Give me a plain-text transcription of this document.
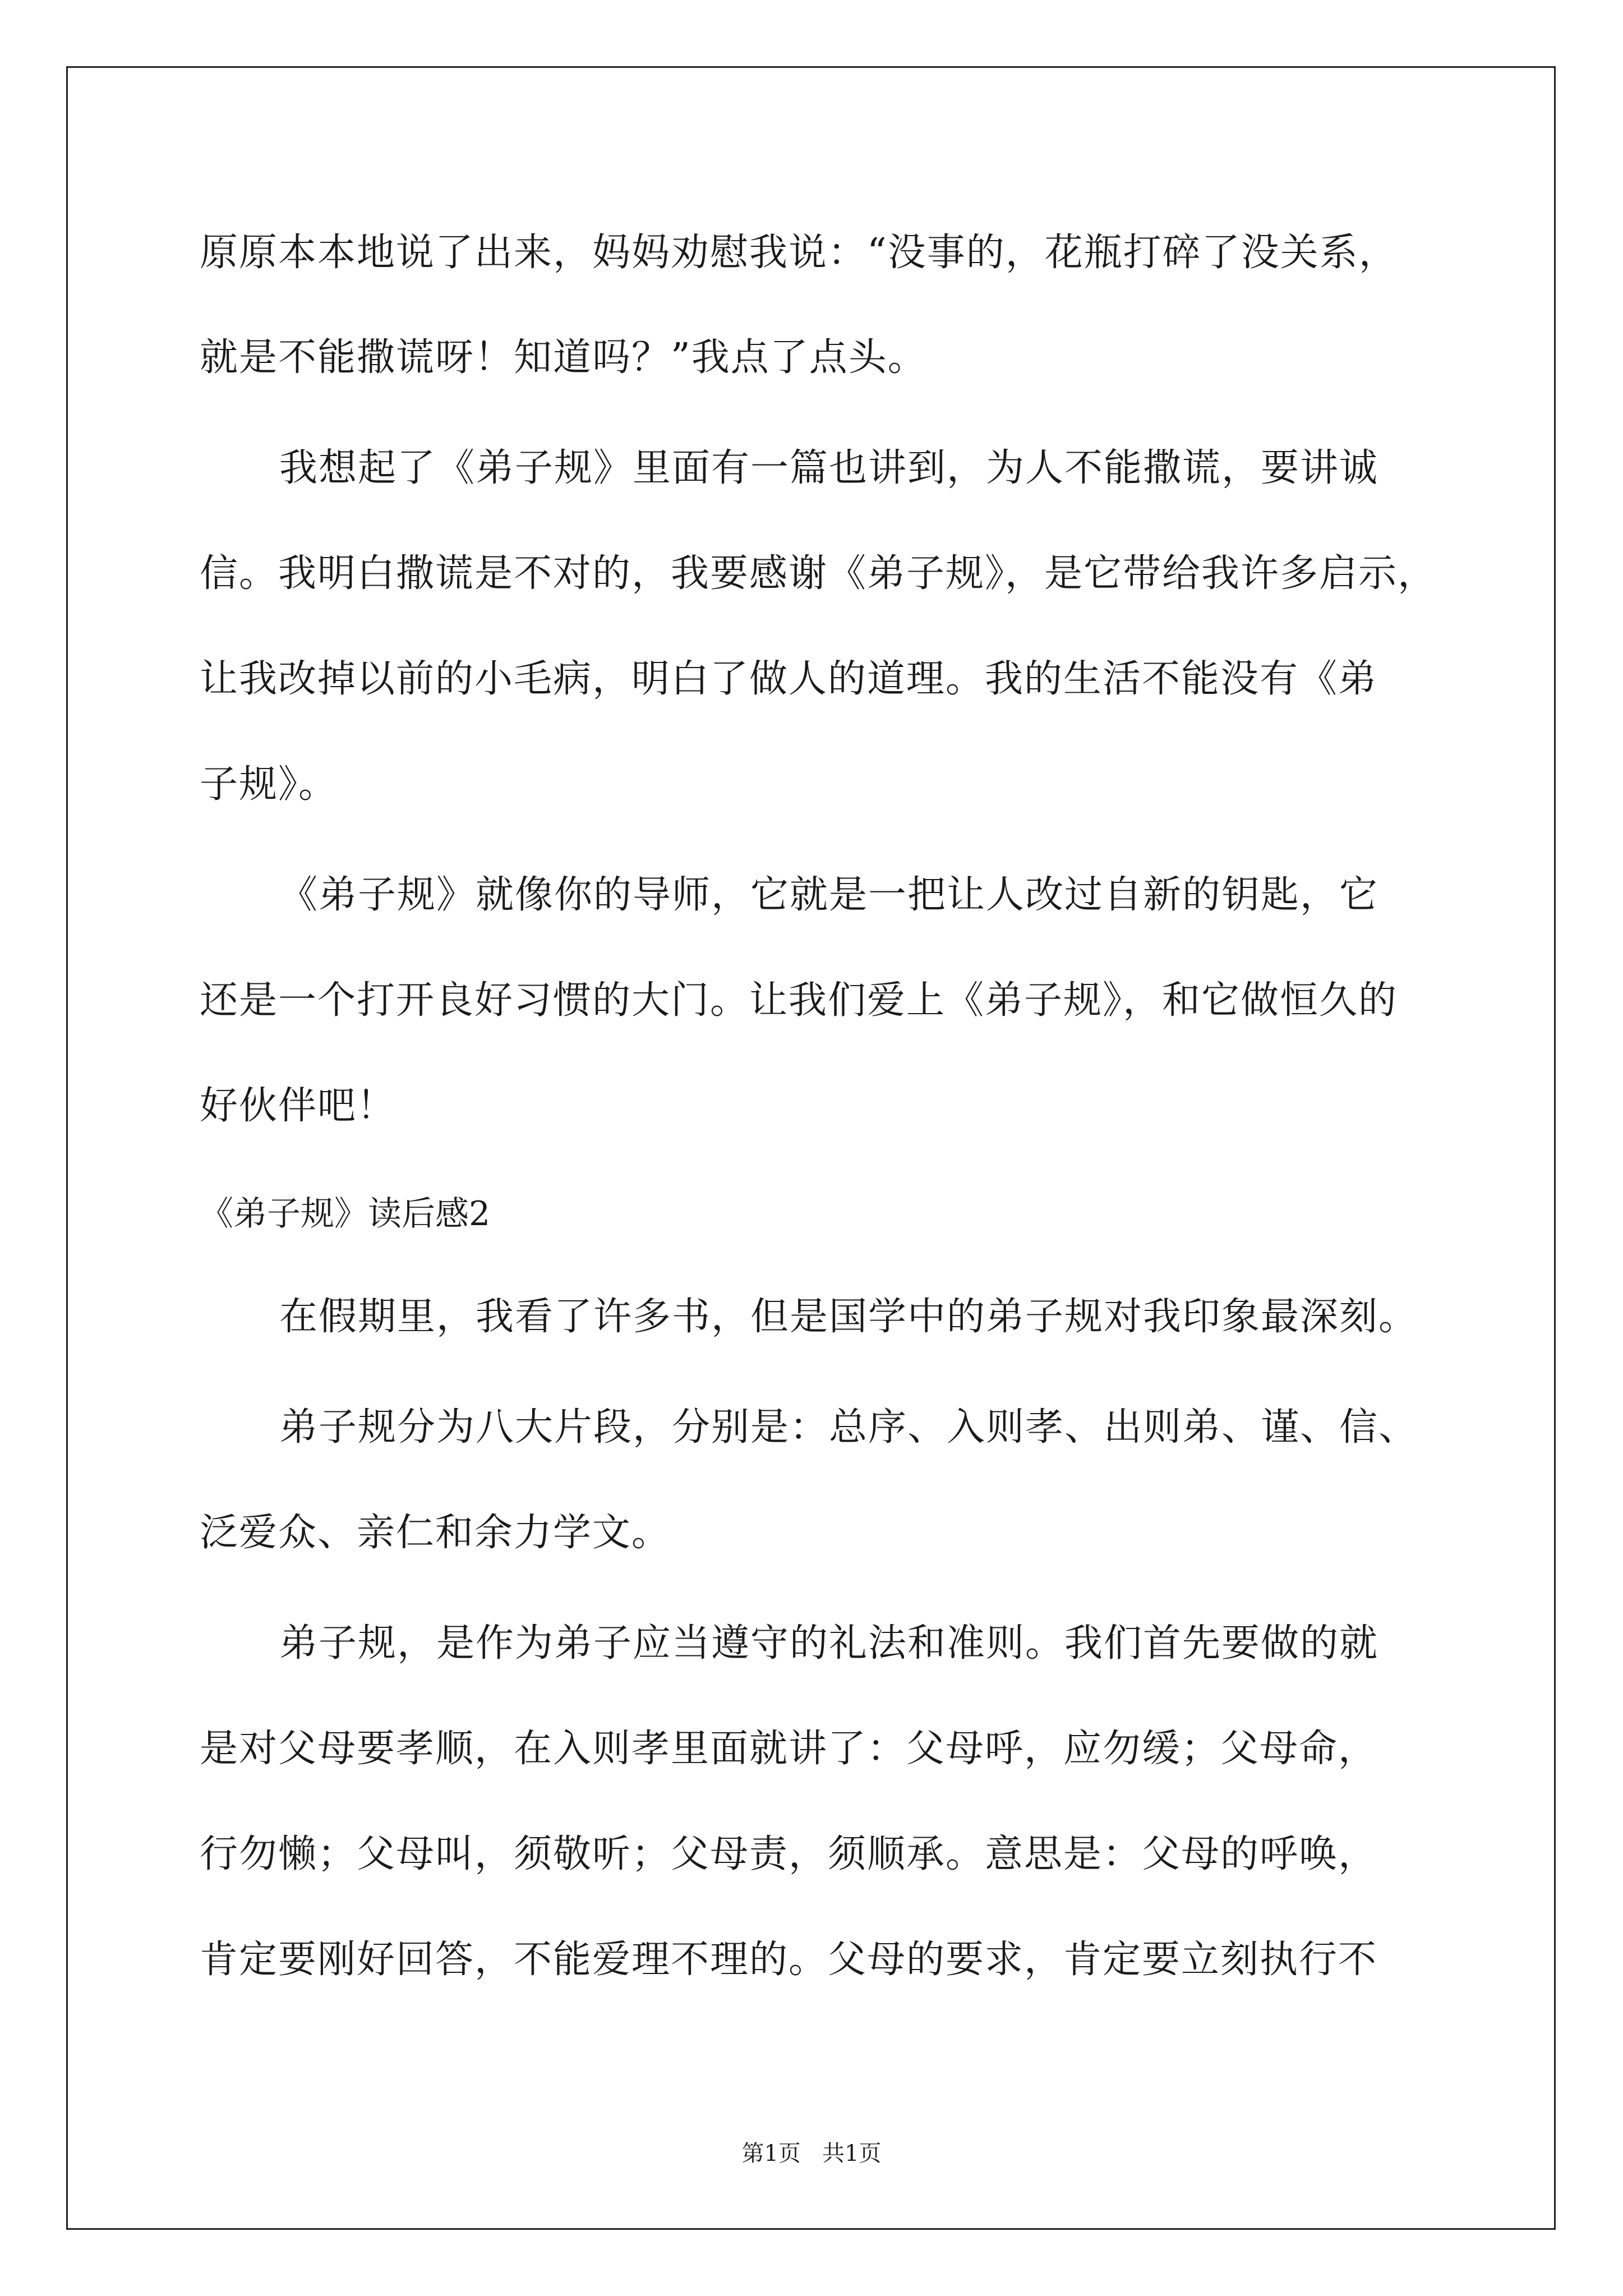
原原本本地说了出来，妈妈劝慰我说：“没事的，花瓶打碎了没关系，
就是不能撒谎呀！知道吗？”我点了点头。
我想起了《弟子规》里面有一篇也讲到，为人不能撒谎，要讲诚
信。我明白撒谎是不对的，我要感谢《弟子规》，是它带给我许多启示，
让我改掉以前的小毛病，明白了做人的道理。我的生活不能没有《弟
子规》。
《弟子规》就像你的导师，它就是一把让人改过自新的钥匙，它
还是一个打开良好习惯的大门。让我们爱上《弟子规》，和它做恒久的
好伙伴吧！
《弟子规》读后感2
在假期里，我看了许多书，但是国学中的弟子规对我印象最深刻。
弟子规分为八大片段，分别是：总序、入则孝、出则弟、谨、信、
泛爱众、亲仁和余力学文。
弟子规，是作为弟子应当遵守的礼法和准则。我们首先要做的就
是对父母要孝顺，在入则孝里面就讲了：父母呼，应勿缓；父母命，
行勿懒；父母叫，须敬听；父母责，须顺承。意思是：父母的呼唤，
肯定要刚好回答，不能爱理不理的。父母的要求，肯定要立刻执行不
第1页   共1页
